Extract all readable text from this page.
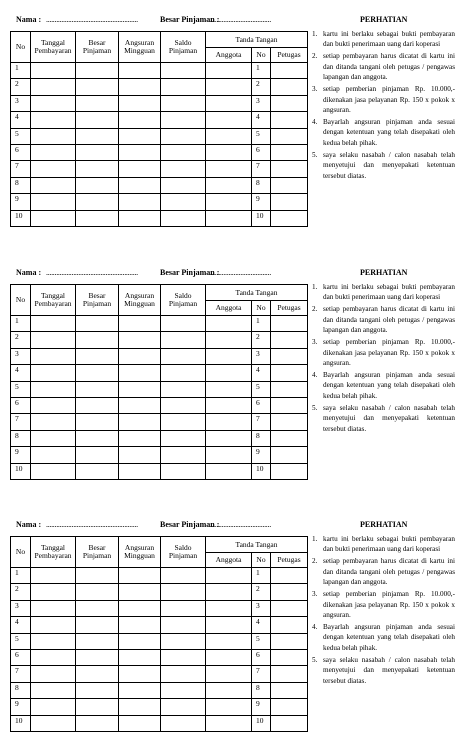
Nama : ......................................................	Besar Pinjaman :
.....................................	PERHATIAN
No	Tanggal Pembayaran	Besar Pinjaman	Angsuran Mingguan	Saldo Pinjaman	Tanda Tangan		
					Anggota	No	Petugas
1						1	
2						2	
3						3	
4						4	
5						5	
6						6	
7						7	
8						8	
9						9	
10						10	
1. kartu ini berlaku sebagai bukti pembayaran dan bukti penerimaan uang dari koperasi
2. setiap pembayaran harus dicatat di kartu ini dan ditanda tangani oleh petugas / pengawas lapangan dan anggota.
3. setiap pemberian pinjaman Rp. 10.000,- dikenakan jasa pelayanan Rp. 150 x pokok x angsuran.
4. Bayarlah angsuran pinjaman anda sesuai dengan ketentuan yang telah disepakati oleh kedua belah pihak.
5. saya selaku nasabah / calon nasabah telah menyetujui dan menyepakati ketentuan tersebut diatas.
Nama : ......................................................	Besar Pinjaman :
.....................................	PERHATIAN
No	Tanggal Pembayaran	Besar Pinjaman	Angsuran Mingguan	Saldo Pinjaman	Tanda Tangan		
					Anggota	No	Petugas
1						1	
2						2	
3						3	
4						4	
5						5	
6						6	
7						7	
8						8	
9						9	
10						10	
1. kartu ini berlaku sebagai bukti pembayaran dan bukti penerimaan uang dari koperasi
2. setiap pembayaran harus dicatat di kartu ini dan ditanda tangani oleh petugas / pengawas lapangan dan anggota.
3. setiap pemberian pinjaman Rp. 10.000,- dikenakan jasa pelayanan Rp. 150 x pokok x angsuran.
4. Bayarlah angsuran pinjaman anda sesuai dengan ketentuan yang telah disepakati oleh kedua belah pihak.
5. saya selaku nasabah / calon nasabah telah menyetujui dan menyepakati ketentuan tersebut diatas.
Nama : ......................................................	Besar Pinjaman :
.....................................	PERHATIAN
No	Tanggal Pembayaran	Besar Pinjaman	Angsuran Mingguan	Saldo Pinjaman	Tanda Tangan		
					Anggota	No	Petugas
1						1	
2						2	
3						3	
4						4	
5						5	
6						6	
7						7	
8						8	
9						9	
10						10	
1. kartu ini berlaku sebagai bukti pembayaran dan bukti penerimaan uang dari koperasi
2. setiap pembayaran harus dicatat di kartu ini dan ditanda tangani oleh petugas / pengawas lapangan dan anggota.
3. setiap pemberian pinjaman Rp. 10.000,- dikenakan jasa pelayanan Rp. 150 x pokok x angsuran.
4. Bayarlah angsuran pinjaman anda sesuai dengan ketentuan yang telah disepakati oleh kedua belah pihak.
5. saya selaku nasabah / calon nasabah telah menyetujui dan menyepakati ketentuan tersebut diatas.
